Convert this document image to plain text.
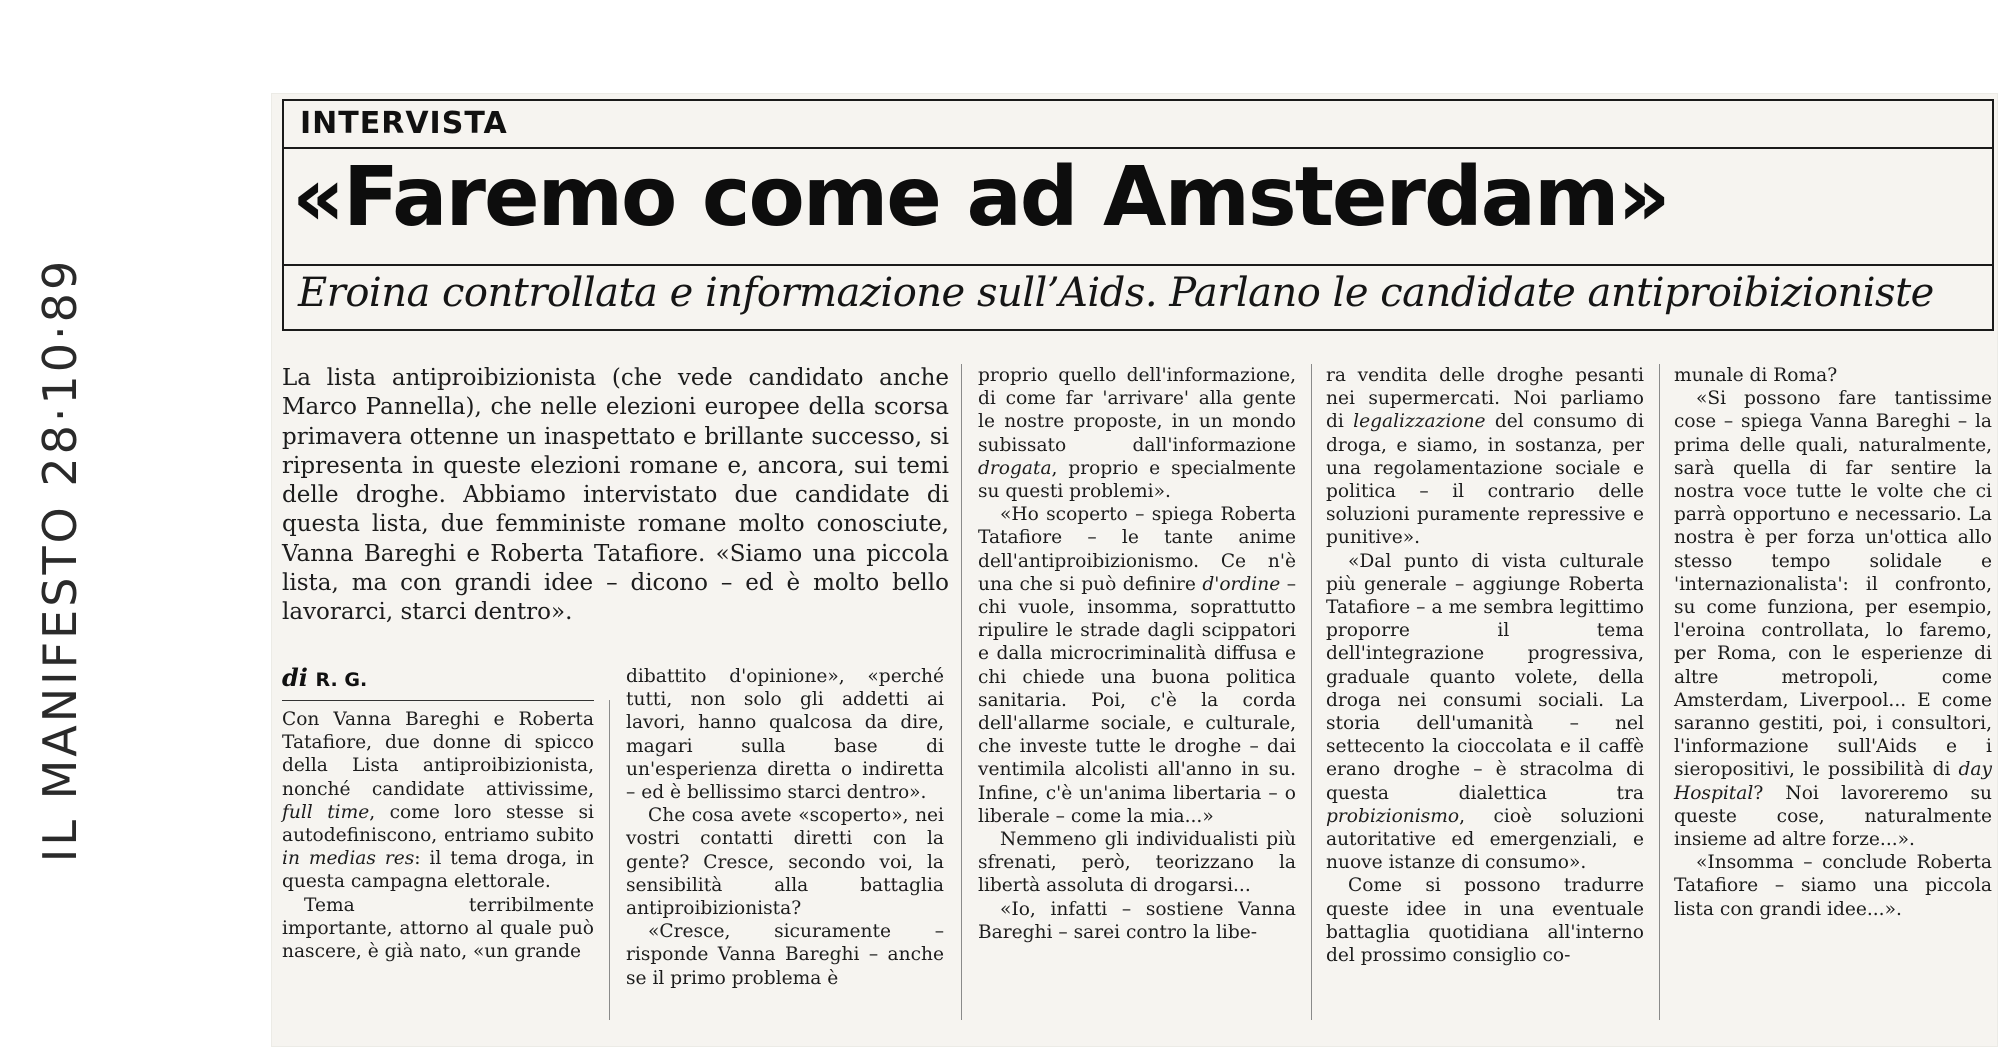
IL MANIFESTO 28·10·89
INTERVISTA
«Faremo come ad Amsterdam»
Eroina controllata e informazione sull’Aids. Parlano le candidate antiproibizioniste
La lista antiproibizionista (che vede candidato anche Marco Pannella), che nelle elezioni europee della scorsa primavera ottenne un inaspettato e brillante successo, si ripresenta in queste elezioni romane e, ancora, sui temi delle droghe. Abbiamo intervistato due candidate di questa lista, due femministe romane molto conosciute, Vanna Bareghi e Roberta Tatafiore. «Siamo una piccola lista, ma con grandi idee – dicono – ed è molto bello lavorarci, starci dentro».
di R. G.

Con Vanna Bareghi e Roberta Tatafiore, due donne di spicco della Lista antiproibizionista, nonché candidate attivissime, full time, come loro stesse si autodefiniscono, entriamo subito in medias res: il tema droga, in questa campagna elettorale.

Tema terribilmente importante, attorno al quale può nascere, è già nato, «un grande

dibattito d'opinione», «perché tutti, non solo gli addetti ai lavori, hanno qualcosa da dire, magari sulla base di un'esperienza diretta o indiretta – ed è bellissimo starci dentro».

Che cosa avete «scoperto», nei vostri contatti diretti con la gente? Cresce, secondo voi, la sensibilità alla battaglia antiproibizionista?

«Cresce, sicuramente – risponde Vanna Bareghi – anche se il primo problema è

proprio quello dell'informazione, di come far 'arrivare' alla gente le nostre proposte, in un mondo subissato dall'informazione drogata, proprio e specialmente su questi problemi».

«Ho scoperto – spiega Roberta Tatafiore – le tante anime dell'antiproibizionismo. Ce n'è una che si può definire d'ordine – chi vuole, insomma, soprattutto ripulire le strade dagli scippatori e dalla microcriminalità diffusa e chi chiede una buona politica sanitaria. Poi, c'è la corda dell'allarme sociale, e culturale, che investe tutte le droghe – dai ventimila alcolisti all'anno in su. Infine, c'è un'anima libertaria – o liberale – come la mia...»

Nemmeno gli individualisti più sfrenati, però, teorizzano la libertà assoluta di drogarsi...

«Io, infatti – sostiene Vanna Bareghi – sarei contro la libe-

ra vendita delle droghe pesanti nei supermercati. Noi parliamo di legalizzazione del consumo di droga, e siamo, in sostanza, per una regolamentazione sociale e politica – il contrario delle soluzioni puramente repressive e punitive».

«Dal punto di vista culturale più generale – aggiunge Roberta Tatafiore – a me sembra legittimo proporre il tema dell'integrazione progressiva, graduale quanto volete, della droga nei consumi sociali. La storia dell'umanità – nel settecento la cioccolata e il caffè erano droghe – è stracolma di questa dialettica tra probizionismo, cioè soluzioni autoritative ed emergenziali, e nuove istanze di consumo».

Come si possono tradurre queste idee in una eventuale battaglia quotidiana all'interno del prossimo consiglio co-

munale di Roma?

«Si possono fare tantissime cose – spiega Vanna Bareghi – la prima delle quali, naturalmente, sarà quella di far sentire la nostra voce tutte le volte che ci parrà opportuno e necessario. La nostra è per forza un'ottica allo stesso tempo solidale e 'internazionalista': il confronto, su come funziona, per esempio, l'eroina controllata, lo faremo, per Roma, con le esperienze di altre metropoli, come Amsterdam, Liverpool... E come saranno gestiti, poi, i consultori, l'informazione sull'Aids e i sieropositivi, le possibilità di day Hospital? Noi lavoreremo su queste cose, naturalmente insieme ad altre forze...».

«Insomma – conclude Roberta Tatafiore – siamo una piccola lista con grandi idee...».
